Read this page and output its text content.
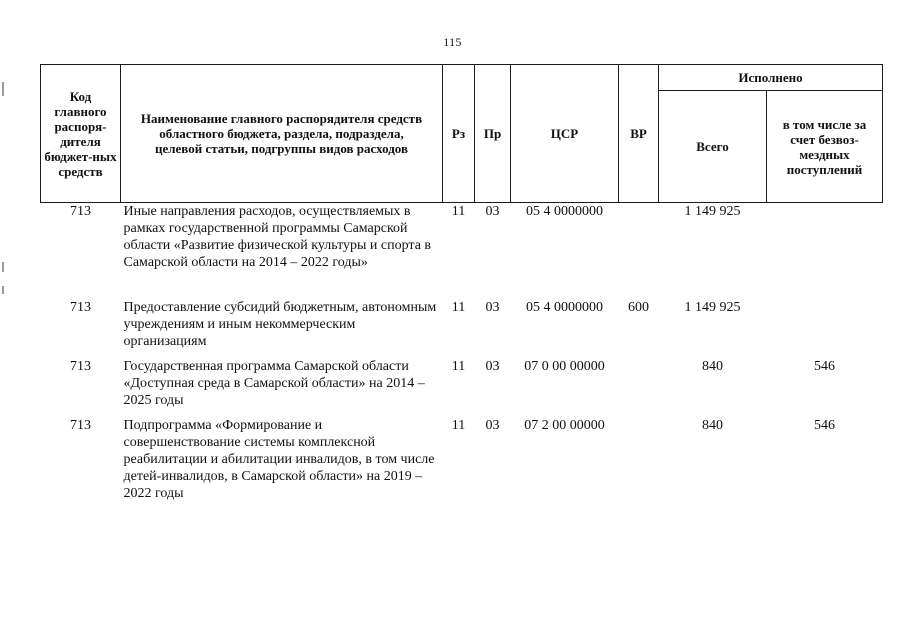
115
Код главного распоря-дителя бюджет-ных средств	Наименование главного распорядителя средств областного бюджета, раздела, подраздела, целевой статьи, подгруппы видов расходов	Рз	Пр	ЦСР	ВР	Исполнено	
						Всего	в том числе за счет безвоз-мездных поступлений
713	Иные направления расходов, осуществляемых в рамках государственной программы Самарской области «Развитие физической культуры и спорта в Самарской области на 2014 – 2022 годы»	11	03	05 4 0000000		1 149 925	
713	Предоставление субсидий бюджетным, автономным учреждениям и иным некоммерческим организациям	11	03	05 4 0000000	600	1 149 925	
713	Государственная программа Самарской области «Доступная среда в Самарской области» на 2014 – 2025 годы	11	03	07 0 00 00000		840	546
713	Подпрограмма «Формирование и совершенствование системы комплексной реабилитации и абилитации инвалидов, в том числе детей-инвалидов, в Самарской области» на 2019 – 2022 годы	11	03	07 2 00 00000		840	546
